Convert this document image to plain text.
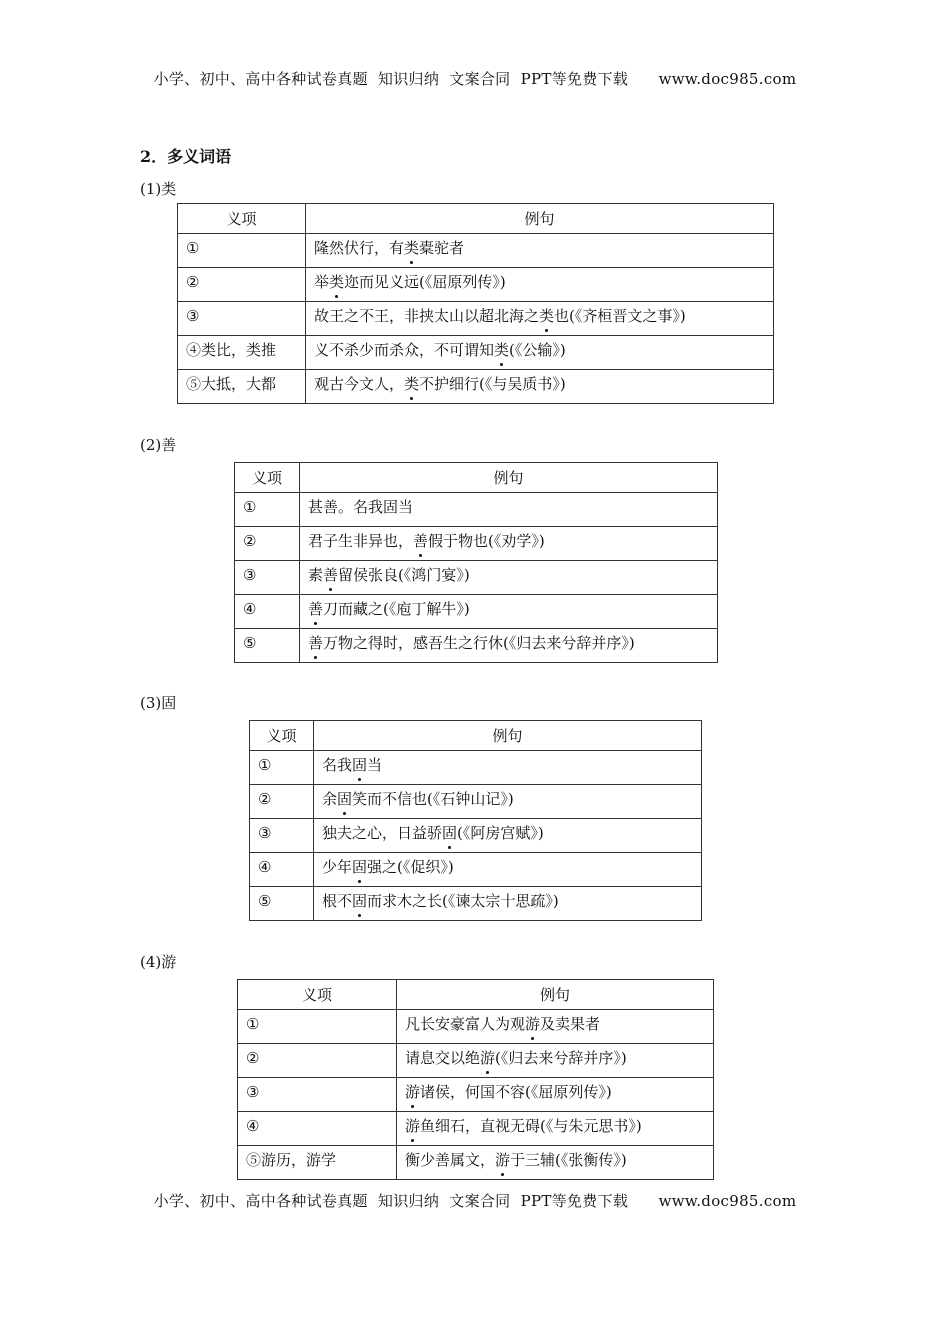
小学、初中、高中各种试卷真题  知识归纳  文案合同  PPT等免费下载      www.doc985.com
2．多义词语
(1)类
义项	例句
①	隆然伏行，有类橐驼者
②	举类迩而见义远(《屈原列传》)
③	故王之不王，非挟太山以超北海之类也(《齐桓晋文之事》)
④类比，类推	义不杀少而杀众，不可谓知类(《公输》)
⑤大抵，大都	观古今文人，类不护细行(《与吴质书》)
(2)善
义项	例句
①	甚善。名我固当
②	君子生非异也，善假于物也(《劝学》)
③	素善留侯张良(《鸿门宴》)
④	善刀而藏之(《庖丁解牛》)
⑤	善万物之得时，感吾生之行休(《归去来兮辞并序》)
(3)固
义项	例句
①	名我固当
②	余固笑而不信也(《石钟山记》)
③	独夫之心，日益骄固(《阿房宫赋》)
④	少年固强之(《促织》)
⑤	根不固而求木之长(《谏太宗十思疏》)
(4)游
义项	例句
①	凡长安豪富人为观游及卖果者
②	请息交以绝游(《归去来兮辞并序》)
③	游诸侯，何国不容(《屈原列传》)
④	游鱼细石，直视无碍(《与朱元思书》)
⑤游历，游学	衡少善属文，游于三辅(《张衡传》)
小学、初中、高中各种试卷真题  知识归纳  文案合同  PPT等免费下载      www.doc985.com
